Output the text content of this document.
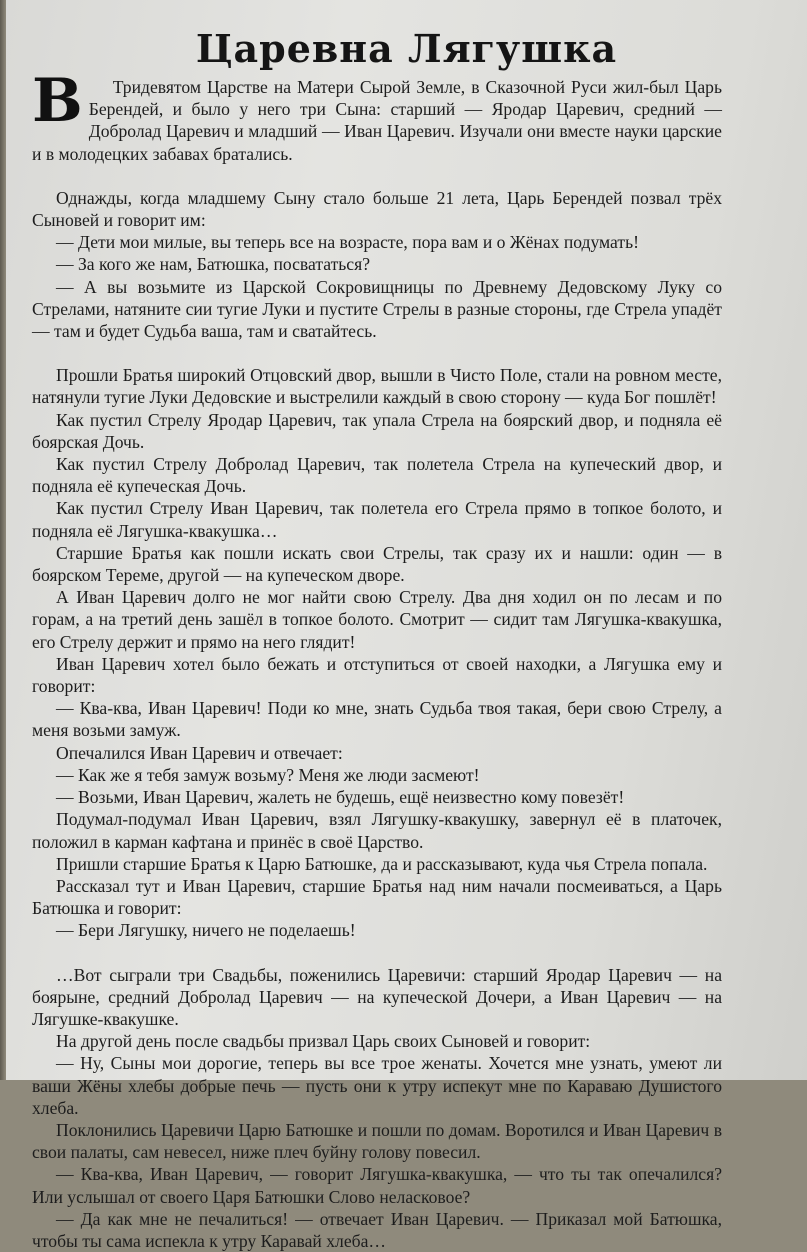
Царевна Лягушка

В Тридевятом Царстве на Матери Сырой Земле, в Сказочной Руси жил-был Царь Берендей, и было у него три Сына: старший — Ярoдар Царевич, средний — Добролад Царевич и младший — Иван Царевич. Изучали они вместе науки царские и в молодецких забавах братались.

Однажды, когда младшему Сыну стало больше 21 лета, Царь Берендей позвал трёх Сыновей и говорит им:

— Дети мои милые, вы теперь все на возрасте, пора вам и о Жёнах подумать!

— За кого же нам, Батюшка, посвататься?

— А вы возьмите из Царской Сокровищницы по Древнему Дедовскому Луку со Стрелами, натяните сии тугие Луки и пустите Стрелы в разные стороны, где Стрела упадёт — там и будет Судьба ваша, там и сватайтесь.

Прошли Братья широкий Отцовский двор, вышли в Чисто Поле, стали на ровном месте, натянули тугие Луки Дедовские и выстрелили каждый в свою сторону — куда Бог пошлёт!

Как пустил Стрелу Ярoдар Царевич, так упала Стрела на боярский двор, и подняла её боярская Дочь.

Как пустил Стрелу Добролад Царевич, так полетела Стрела на купеческий двор, и подняла её купеческая Дочь.

Как пустил Стрелу Иван Царевич, так полетела его Стрела прямо в топкое болото, и подняла её Лягушка-квакушка…

Старшие Братья как пошли искать свои Стрелы, так сразу их и нашли: один — в боярском Тереме, другой — на купеческом дворе.

А Иван Царевич долго не мог найти свою Стрелу. Два дня ходил он по лесам и по горам, а на третий день зашёл в топкое болото. Смотрит — сидит там Лягушка-квакушка, его Стрелу держит и прямо на него глядит!

Иван Царевич хотел было бежать и отступиться от своей находки, а Лягушка ему и говорит:

— Ква-ква, Иван Царевич! Поди ко мне, знать Судьба твоя такая, бери свою Стрелу, а меня возьми замуж.

Опечалился Иван Царевич и отвечает:

— Как же я тебя замуж возьму? Меня же люди засмеют!

— Возьми, Иван Царевич, жалеть не будешь, ещё неизвестно кому повезёт!

Подумал-подумал Иван Царевич, взял Лягушку-квакушку, завернул её в платочек, положил в карман кафтана и принёс в своё Царство.

Пришли старшие Братья к Царю Батюшке, да и рассказывают, куда чья Стрела попала.

Рассказал тут и Иван Царевич, старшие Братья над ним начали посмеиваться, а Царь Батюшка и говорит:

— Бери Лягушку, ничего не поделаешь!

…Вот сыграли три Свадьбы, поженились Царевичи: старший Ярoдар Царевич — на боярыне, средний Добролад Царевич — на купеческой Дочери, а Иван Царевич — на Лягушке-квакушке.

На другой день после свадьбы призвал Царь своих Сыновей и говорит:

— Ну, Сыны мои дорогие, теперь вы все трое женаты. Хочется мне узнать, умеют ли ваши Жёны хлебы добрые печь — пусть они к утру испекут мне по Караваю Душистого хлеба.

Поклонились Царевичи Царю Батюшке и пошли по домам. Воротился и Иван Царевич в свои палаты, сам невесел, ниже плеч буйну голову повесил.

— Ква-ква, Иван Царевич, — говорит Лягушка-квакушка, — что ты так опечалился? Или услышал от своего Царя Батюшки Слово неласковое?

— Да как мне не печалиться! — отвечает Иван Царевич. — Приказал мой Батюшка, чтобы ты сама испекла к утру Каравай хлеба…
